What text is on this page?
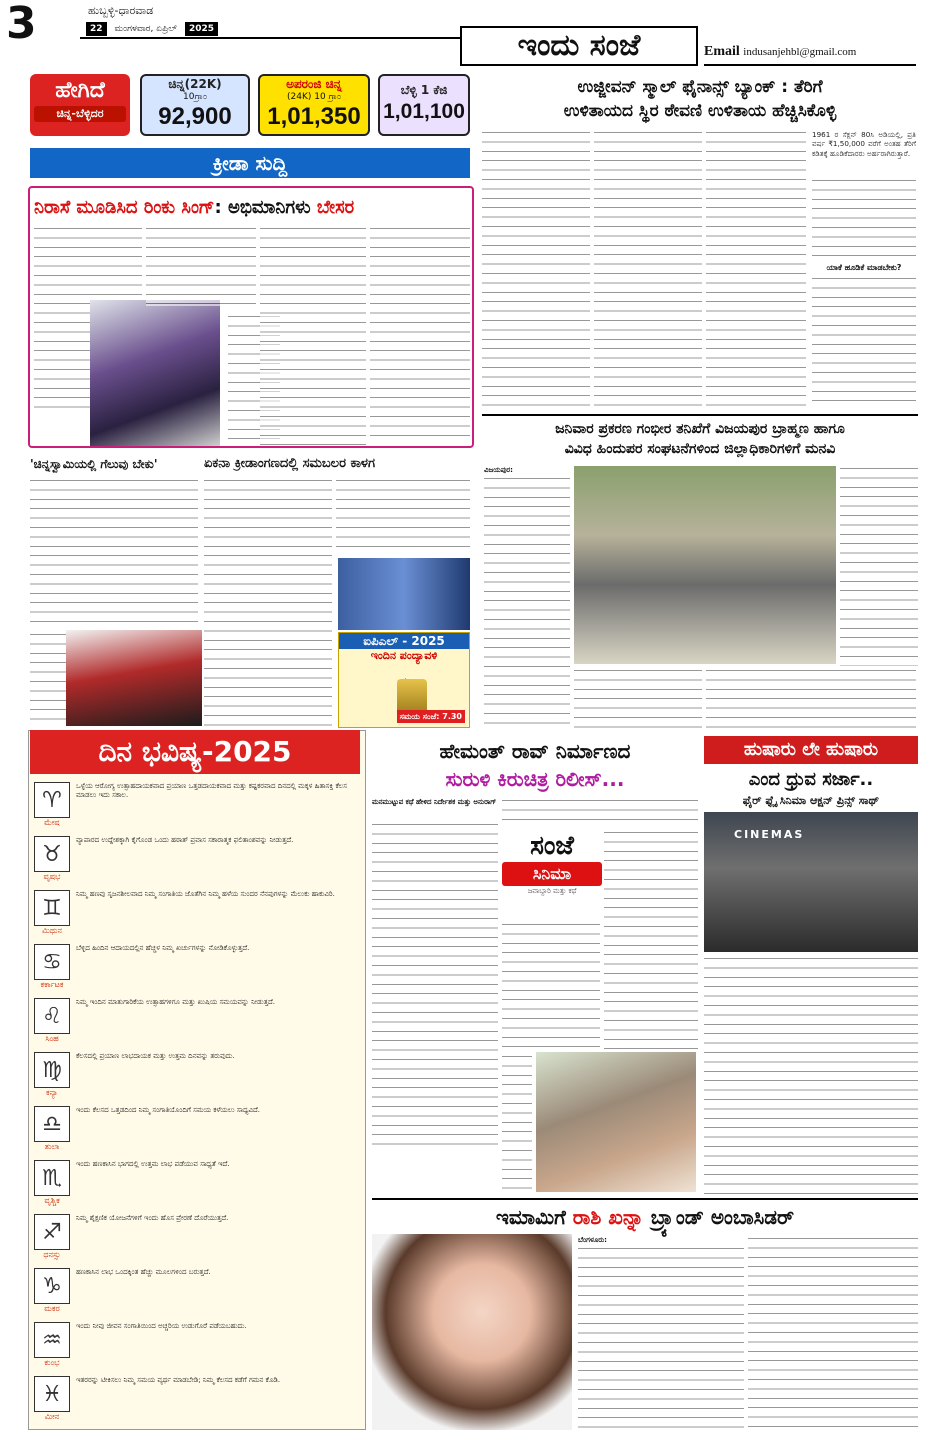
3	ಹುಬ್ಬಳ್ಳಿ-ಧಾರವಾಡ
22	ಮಂಗಳವಾರ, ಏಪ್ರಿಲ್	2025	ಇಂದು ಸಂಜೆ	Email indusanjehbl@gmail.com
ಹೇಗಿದೆ
ಚಿನ್ನ-ಬೆಳ್ಳಿದರ
ಚಿನ್ನ(22K)
10ಗ್ರಾಂ
92,900
ಅಪರಂಜಿ ಚಿನ್ನ
(24K) 10 ಗ್ರಾಂ
1,01,350
ಬೆಳ್ಳಿ 1 ಕೆಜಿ
1,01,100
ಕ್ರೀಡಾ ಸುದ್ದಿ
ನಿರಾಸೆ ಮೂಡಿಸಿದ ರಿಂಕು ಸಿಂಗ್: ಅಭಿಮಾನಿಗಳು ಬೇಸರ
'ಚಿನ್ನಸ್ವಾಮಿಯಲ್ಲಿ ಗೆಲುವು ಬೇಕು'	ಏಕನಾ ಕ್ರೀಡಾಂಗಣದಲ್ಲಿ ಸಮಬಲರ ಕಾಳಗ
ಐಪಿಎಲ್ - 2025
ಇಂದಿನ ಪಂದ್ಯಾವಳಿ
ಸಮಯ ಸಂಜೆ: 7.30
ಉಜ್ಜೀವನ್ ಸ್ಮಾಲ್ ಫೈನಾನ್ಸ್ ಬ್ಯಾಂಕ್ : ತೆರಿಗೆ
ಉಳಿತಾಯದ ಸ್ಥಿರ ಠೇವಣಿ ಉಳಿತಾಯ ಹೆಚ್ಚಿಸಿಕೊಳ್ಳಿ
1961 ರ ಸೆಕ್ಷನ್ 80ಸಿ ಅಡಿಯಲ್ಲಿ, ಪ್ರತಿ ವರ್ಷ ₹1,50,000 ವರೆಗೆ ಅಂತಹ ತೆರಿಗೆ ಕಡಿತಕ್ಕೆ ಹೂಡಿಕೆದಾರರು ಅರ್ಹರಾಗಿರುತ್ತಾರೆ.
ಯಾಕೆ ಹೂಡಿಕೆ ಮಾಡಬೇಕು?
ಜನಿವಾರ ಪ್ರಕರಣ ಗಂಭೀರ ತನಿಖೆಗೆ ವಿಜಯಪುರ ಬ್ರಾಹ್ಮಣ ಹಾಗೂ
ವಿವಿಧ ಹಿಂದುಪರ ಸಂಘಟನೆಗಳಿಂದ ಜಿಲ್ಲಾಧಿಕಾರಿಗಳಿಗೆ ಮನವಿ
ವಿಜಯಪುರ:
ದಿನ ಭವಿಷ್ಯ-2025
♈
ಮೇಷ
ಒಳ್ಳೆಯ ಆರೋಗ್ಯ ಉತ್ಸಾಹದಾಯಕವಾದ ಪ್ರಯಾಣ ಒತ್ತಡದಾಯಕವಾದ ಮತ್ತು ಕಷ್ಟಕರವಾದ ದಿನದಲ್ಲಿ ಮಕ್ಕಳ ಹಿತಾಸಕ್ತಿ ಕೆಲಸ ಮಾಡಲು ಇದು ಸಕಾಲ.
♉
ವೃಷಭ
ವ್ಯಾಪಾರದ ಉದ್ದೇಶಕ್ಕಾಗಿ ಕೈಗೊಂಡ ಒಂದು ಹಠಾತ್ ಪ್ರವಾಸ ಸಕಾರಾತ್ಮಕ ಫಲಿತಾಂಶವನ್ನು ನೀಡುತ್ತದೆ.
♊
ಮಿಥುನ
ನಿಮ್ಮ ಹಣವು ಸೃಜನಶೀಲವಾದ ನಿಮ್ಮ ಸಂಗಾತಿಯ ಜೊತೆಗಿನ ನಿಮ್ಮ ಹಳೆಯ ಸುಂದರ ನೆನಪುಗಳನ್ನು ಮೆಲುಕು ಹಾಕುವಿರಿ.
♋
ಕರ್ಕಾಟಕ
ಬೆಳ್ಳಿದ ಹಿಂದಿನ ಆದಾಯದಲ್ಲಿನ ಹೆಚ್ಚಳ ನಿಮ್ಮ ಖರ್ಚುಗಳನ್ನು ನೋಡಿಕೊಳ್ಳುತ್ತದೆ.
♌
ಸಿಂಹ
ನಿಮ್ಮ ಇಂದಿನ ಮಾತುಗಾರಿಕೆಯ ಉತ್ಸಾಹಗಳಿಗೂ ಮತ್ತು ಖುಷಿಯ ಸಮಯವನ್ನು ನೀಡುತ್ತದೆ.
♍
ಕನ್ಯಾ
ಕೆಲಸದಲ್ಲಿ ಪ್ರಯಾಣ ಲಾಭದಾಯಕ ಮತ್ತು ಉತ್ತಮ ದಿನವನ್ನು ತರುವುದು.
♎
ತುಲಾ
ಇಂದು ಕೆಲಸದ ಒತ್ತಡದಿಂದ ನಿಮ್ಮ ಸಂಗಾತಿಯೊಂದಿಗೆ ಸಮಯ ಕಳೆಯಲು ಸಾಧ್ಯವಿದೆ.
♏
ವೃಶ್ಚಿಕ
ಇಂದು ಹಣಕಾಸಿನ ಭಾಗದಲ್ಲಿ ಉತ್ತಮ ಲಾಭ ಪಡೆಯುವ ಸಾಧ್ಯತೆ ಇದೆ.
♐
ಧನಸ್ಸು
ನಿಮ್ಮ ಶೈಕ್ಷಣಿಕ ಯೋಜನೆಗಳಿಗೆ ಇಂದು ಹೊಸ ಪ್ರೇರಣೆ ದೊರೆಯುತ್ತದೆ.
♑
ಮಕರ
ಹಣಕಾಸಿನ ಲಾಭ ಒಂದಕ್ಕಿಂತ ಹೆಚ್ಚು ಮೂಲಗಳಿಂದ ಬರುತ್ತದೆ.
♒
ಕುಂಭ
ಇಂದು ನೀವು ಜೀವನ ಸಂಗಾತಿಯಿಂದ ಅಚ್ಚರಿಯ ಉಡುಗೊರೆ ಪಡೆಯಬಹುದು.
♓
ಮೀನ
ಇತರರನ್ನು ಟೀಕಿಸಲು ನಿಮ್ಮ ಸಮಯ ವ್ಯರ್ಥ ಮಾಡಬೇಡಿ; ನಿಮ್ಮ ಕೆಲಸದ ಕಡೆಗೆ ಗಮನ ಕೊಡಿ.
ಹೇಮಂತ್ ರಾವ್ ನಿರ್ಮಾಣದ
ಸುರುಳಿ ಕಿರುಚಿತ್ರ ರಿಲೀಸ್...
ಮನಮುಟ್ಟುವ ಕಥೆ ಹೇಳಿದ ನಿರ್ದೇಶಕ ಮತ್ತು ಅನುರಾಗ್
ಸಂಜೆ
ಸಿನಿಮಾ
ಜವಾಬ್ದಾರಿ ಮತ್ತು ಕಥೆ
ಹುಷಾರು ಲೇ ಹುಷಾರು
ಎಂದ ಧ್ರುವ ಸರ್ಜಾ..
ಫೈರ್ ಫ್ಲೈ ಸಿನಿಮಾ ಆಕ್ಷನ್ ಪ್ರಿನ್ಸ್ ಸಾಥ್
CINEMAS
ಇಮಾಮಿಗೆ ರಾಶಿ ಖನ್ನಾ ಬ್ರ್ಯಾಂಡ್ ಅಂಬಾಸಿಡರ್
ಬೆಂಗಳೂರು:
